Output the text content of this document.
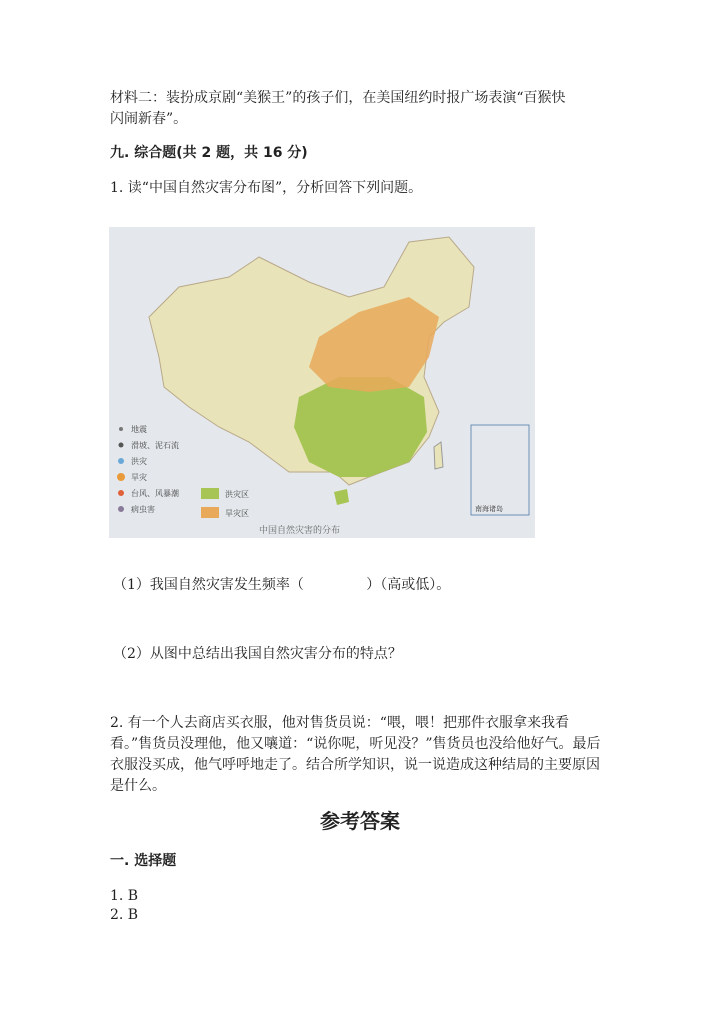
材料二：装扮成京剧“美猴王”的孩子们，在美国纽约时报广场表演“百猴快
闪闹新春”。
九. 综合题(共 2 题，共 16 分)
1. 读“中国自然灾害分布图”，分析回答下列问题。
南海诸岛
地震
滑坡、泥石流
洪灾
旱灾
台风、风暴潮
病虫害
洪灾区
旱灾区
中国自然灾害的分布
（1）我国自然灾害发生频率（              ）（高或低）。
（2）从图中总结出我国自然灾害分布的特点？
2. 有一个人去商店买衣服，他对售货员说：“喂，喂！把那件衣服拿来我看看。”售货员没理他，他又嚷道：“说你呢，听见没？”售货员也没给他好气。最后衣服没买成，他气呼呼地走了。结合所学知识，说一说造成这种结局的主要原因是什么。
参考答案
一. 选择题
1. B
2. B
